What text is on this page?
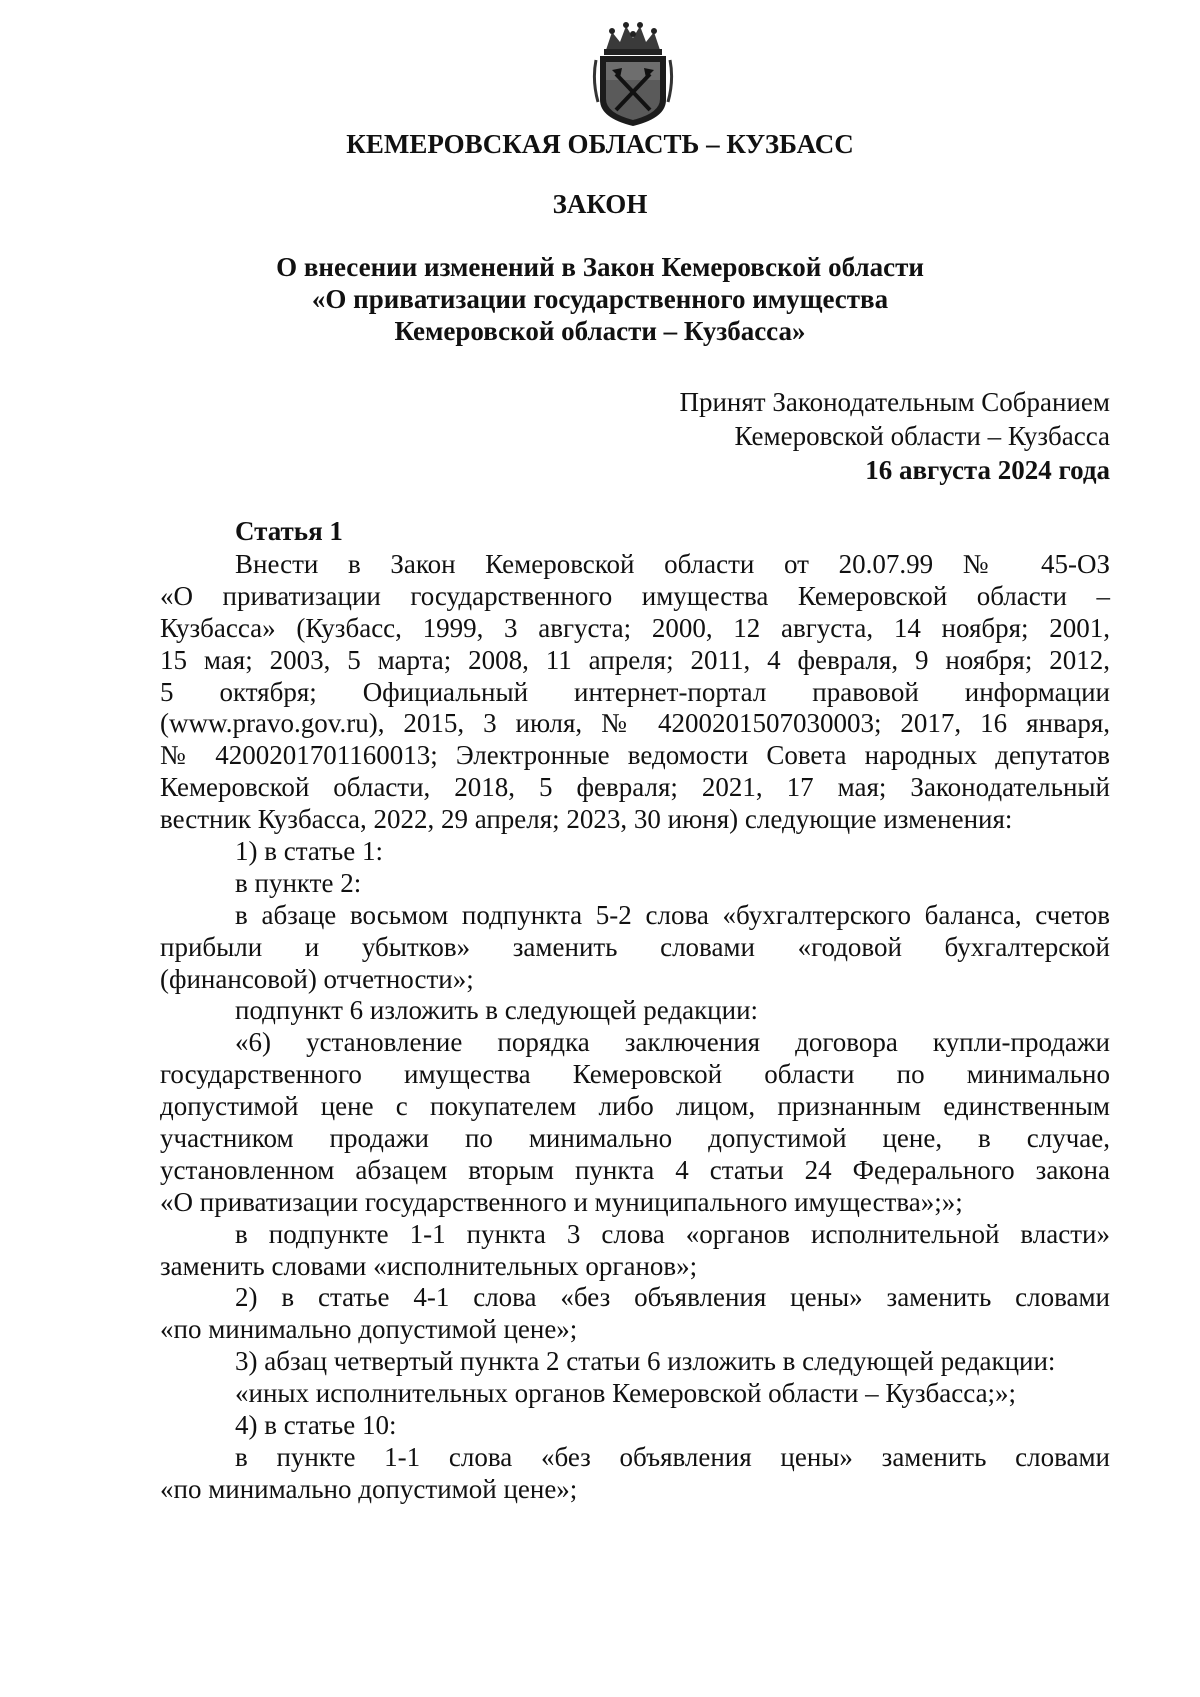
КЕМЕРОВСКАЯ ОБЛАСТЬ – КУЗБАСС
ЗАКОН
О внесении изменений в Закон Кемеровской области
«О приватизации государственного имущества
Кемеровской области – Кузбасса»
Принят Законодательным Собранием
Кемеровской области – Кузбасса
16 августа 2024 года
Статья 1
Внести в Закон Кемеровской области от 20.07.99 № 45-ОЗ
«О приватизации государственного имущества Кемеровской области –
Кузбасса» (Кузбасс, 1999, 3 августа; 2000, 12 августа, 14 ноября; 2001,
15 мая; 2003, 5 марта; 2008, 11 апреля; 2011, 4 февраля, 9 ноября; 2012,
5 октября; Официальный интернет-портал правовой информации
(www.pravo.gov.ru), 2015, 3 июля, № 4200201507030003; 2017, 16 января,
№ 4200201701160013; Электронные ведомости Совета народных депутатов
Кемеровской области, 2018, 5 февраля; 2021, 17 мая; Законодательный
вестник Кузбасса, 2022, 29 апреля; 2023, 30 июня) следующие изменения:
1) в статье 1:
в пункте 2:
в абзаце восьмом подпункта 5-2 слова «бухгалтерского баланса, счетов
прибыли и убытков» заменить словами «годовой бухгалтерской
(финансовой) отчетности»;
подпункт 6 изложить в следующей редакции:
«6) установление порядка заключения договора купли-продажи
государственного имущества Кемеровской области по минимально
допустимой цене с покупателем либо лицом, признанным единственным
участником продажи по минимально допустимой цене, в случае,
установленном абзацем вторым пункта 4 статьи 24 Федерального закона
«О приватизации государственного и муниципального имущества»;»;
в подпункте 1-1 пункта 3 слова «органов исполнительной власти»
заменить словами «исполнительных органов»;
2) в статье 4-1 слова «без объявления цены» заменить словами
«по минимально допустимой цене»;
3) абзац четвертый пункта 2 статьи 6 изложить в следующей редакции:
«иных исполнительных органов Кемеровской области – Кузбасса;»;
4) в статье 10:
в пункте 1-1 слова «без объявления цены» заменить словами
«по минимально допустимой цене»;
